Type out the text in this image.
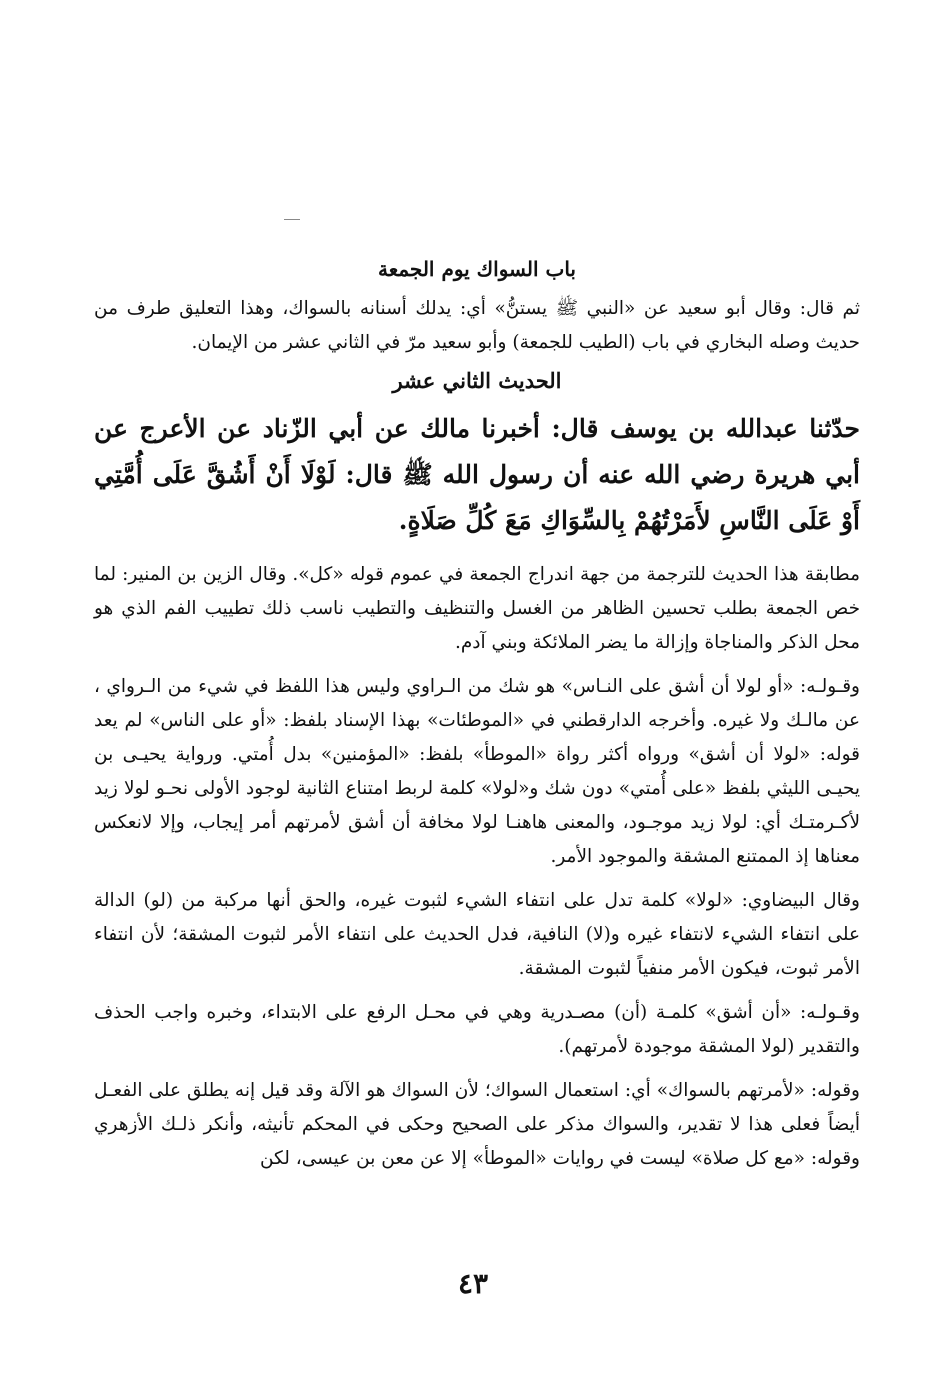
باب السواك يوم الجمعة

ثم قال: وقال أبو سعيد عن «النبي ﷺ يستنُّ» أي: يدلك أسنانه بالسواك، وهذا التعليق طرف من حديث وصله البخاري في باب (الطيب للجمعة) وأبو سعيد مرّ في الثاني عشر من الإيمان.

الحديث الثاني عشر

حدّثنا عبدالله بن يوسف قال: أخبرنا مالك عن أبي الزّناد عن الأعرج عن أبي هريرة رضي الله عنه أن رسول الله ﷺ قال: لَوْلَا أَنْ أَشُقَّ عَلَى أُمَّتِي أَوْ عَلَى النَّاسِ لأَمَرْتُهُمْ بِالسِّوَاكِ مَعَ كُلِّ صَلَاةٍ.

مطابقة هذا الحديث للترجمة من جهة اندراج الجمعة في عموم قوله «كل». وقال الزين بن المنير: لما خص الجمعة بطلب تحسين الظاهر من الغسل والتنظيف والتطيب ناسب ذلك تطييب الفم الذي هو محل الذكر والمناجاة وإزالة ما يضر الملائكة وبني آدم.

وقـولـه: «أو لولا أن أشق على النـاس» هو شك من الـراوي وليس هذا اللفظ في شيء من الـرواي ، عن مالـك ولا غيره. وأخرجه الدارقطني في «الموطئات» بهذا الإسناد بلفظ: «أو على الناس» لم يعد قوله: «لولا أن أشق» ورواه أكثر رواة «الموطأ» بلفظ: «المؤمنين» بدل أُمتي. ورواية يحيـى بن يحيـى الليثي بلفظ «على أُمتي» دون شك و«لولا» كلمة لربط امتناع الثانية لوجود الأولى نحـو لولا زيد لأكـرمتـك أي: لولا زيد موجـود، والمعنى هاهنـا لولا مخافة أن أشق لأمرتهم أمر إيجاب، وإلا لانعكس معناها إذ الممتنع المشقة والموجود الأمر.

وقال البيضاوي: «لولا» كلمة تدل على انتفاء الشيء لثبوت غيره، والحق أنها مركبة من (لو) الدالة على انتفاء الشيء لانتفاء غيره و(لا) النافية، فدل الحديث على انتفاء الأمر لثبوت المشقة؛ لأن انتفاء الأمر ثبوت، فيكون الأمر منفياً لثبوت المشقة.

وقـولـه: «أن أشق» كلمـة (أن) مصـدرية وهي في محـل الرفع على الابتداء، وخبره واجب الحذف والتقدير (لولا المشقة موجودة لأمرتهم).

وقوله: «لأمرتهم بالسواك» أي: استعمال السواك؛ لأن السواك هو الآلة وقد قيل إنه يطلق على الفعـل أيضاً فعلى هذا لا تقدير، والسواك مذكر على الصحيح وحكى في المحكم تأنيثه، وأنكر ذلـك الأزهري وقوله: «مع كل صلاة» ليست في روايات «الموطأ» إلا عن معن بن عيسى، لكن

٤٣
